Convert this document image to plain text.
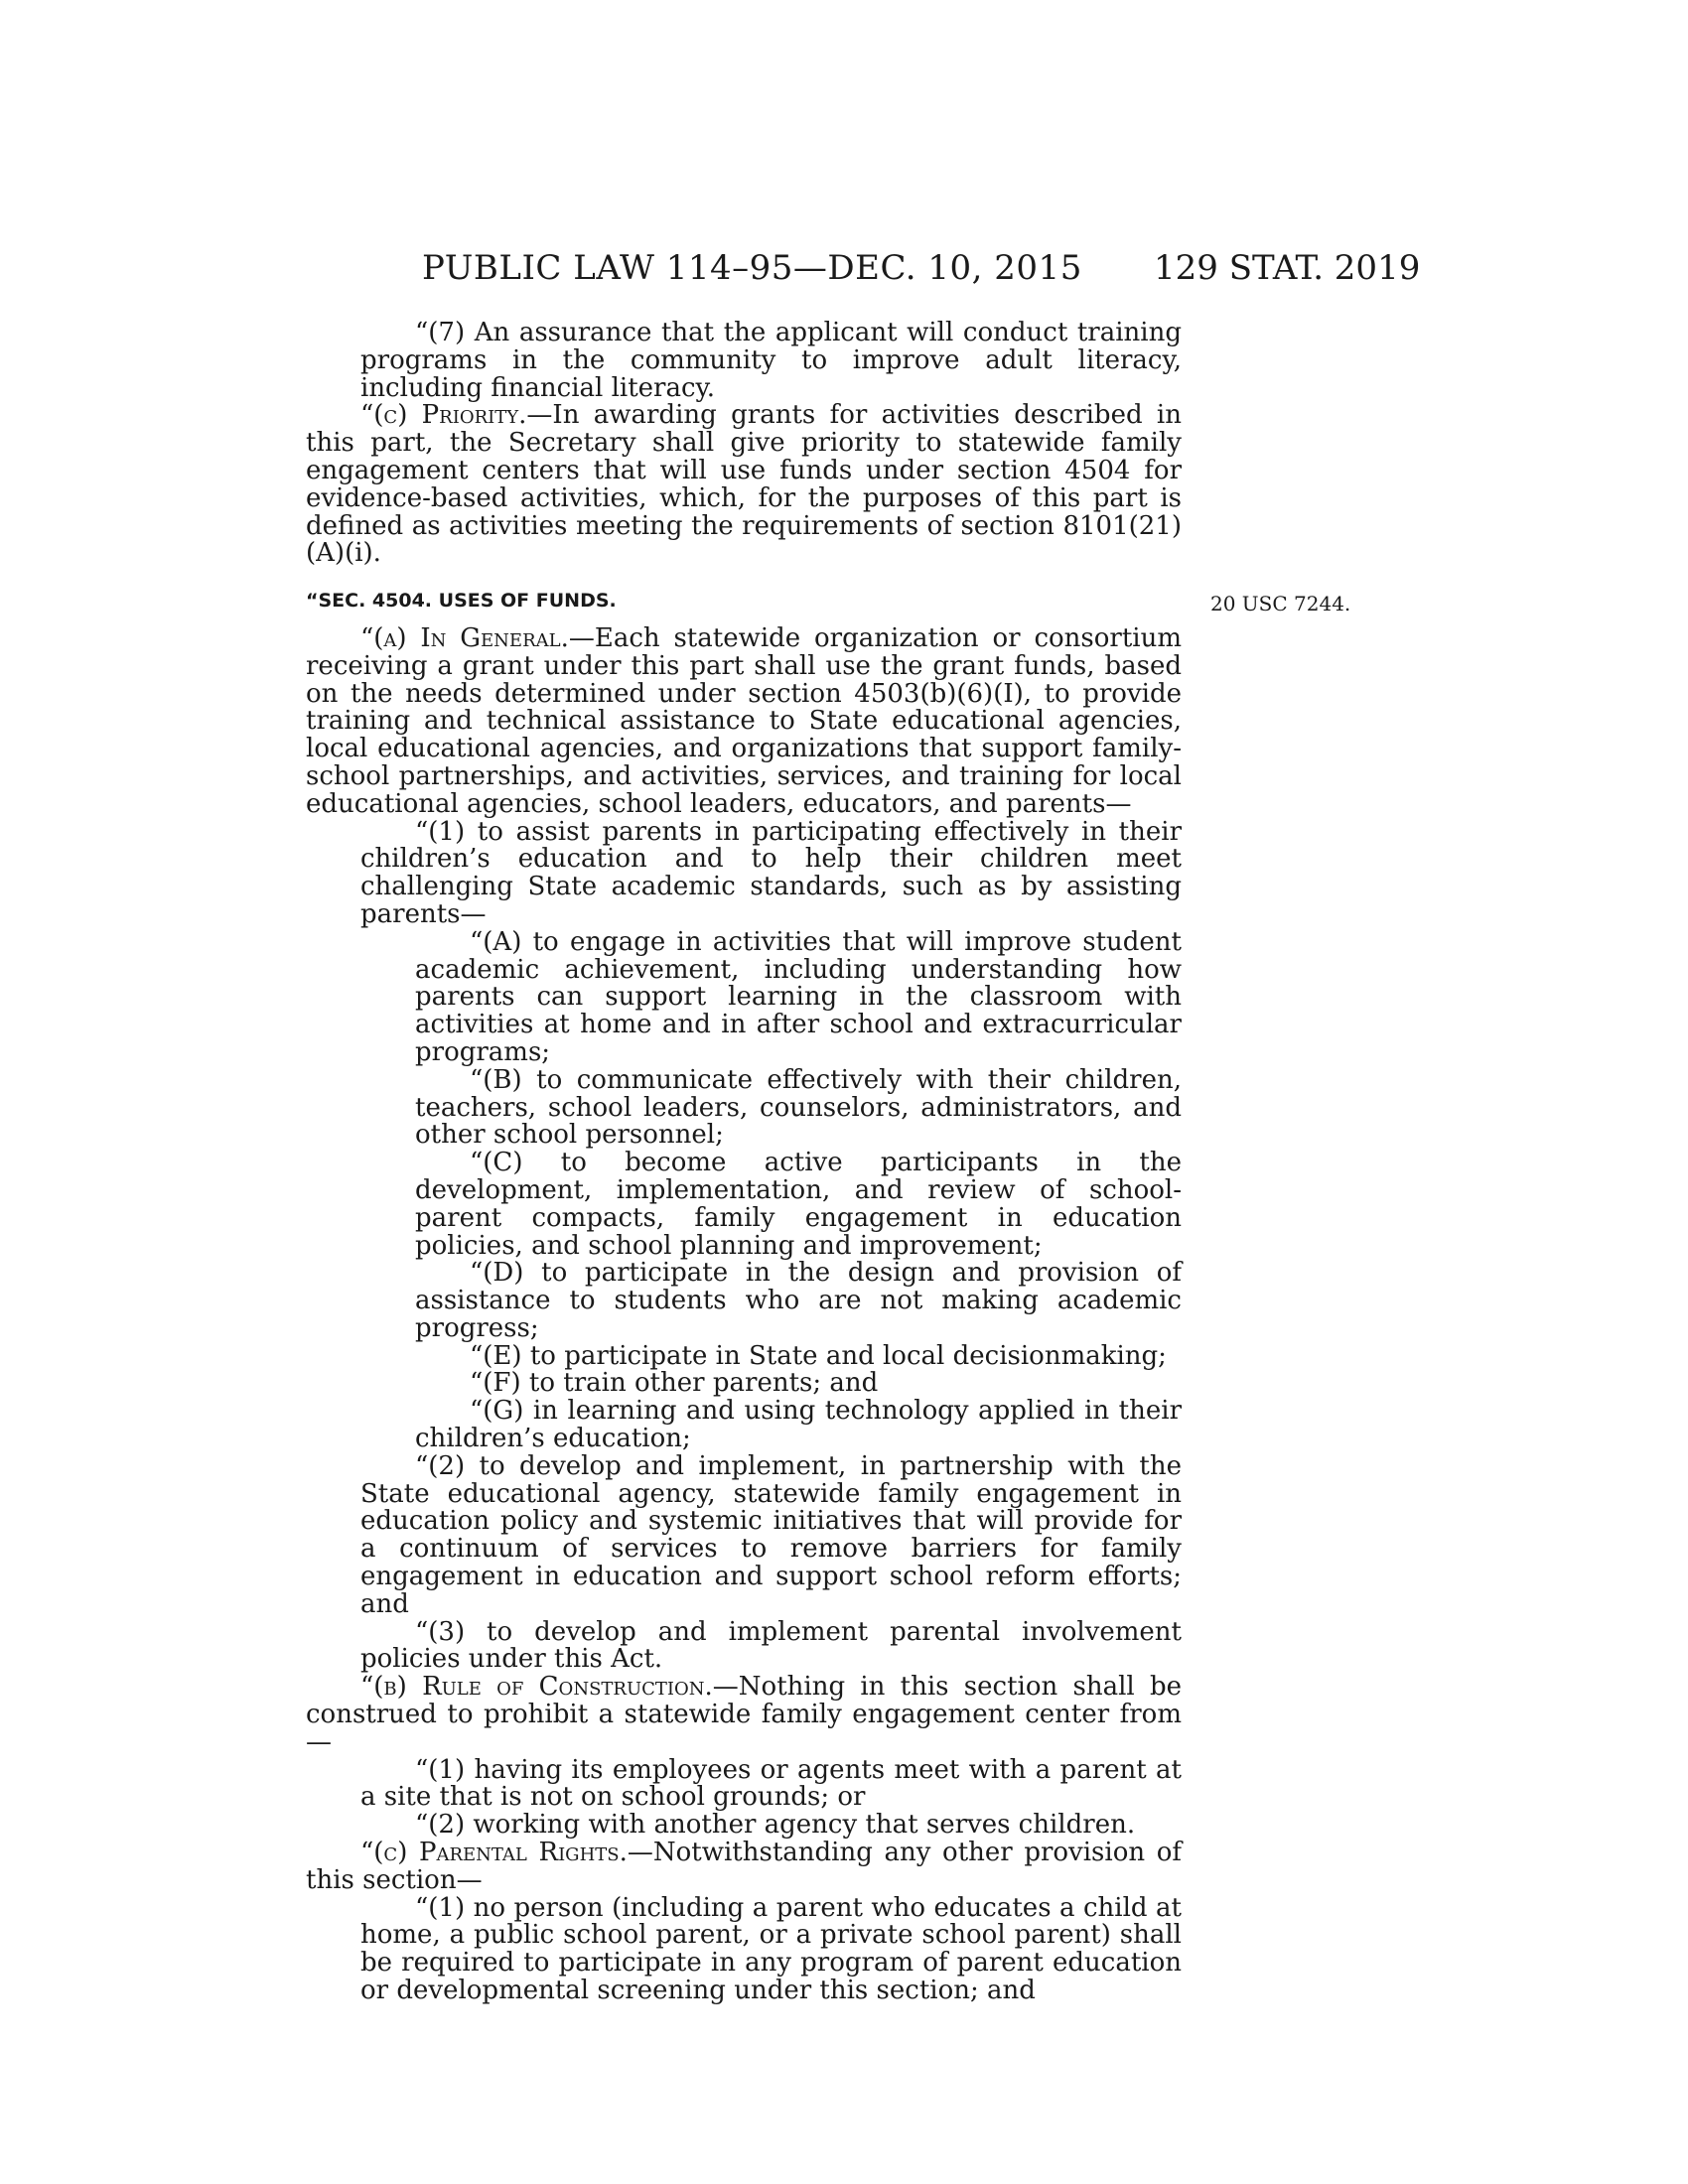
PUBLIC LAW 114–95—DEC. 10, 2015 129 STAT. 2019
20 USC 7244.

“(7) An assurance that the applicant will conduct training programs in the community to improve adult literacy, including financial literacy.

“(c) Priority.—In awarding grants for activities described in this part, the Secretary shall give priority to statewide family engagement centers that will use funds under section 4504 for evidence-based activities, which, for the purposes of this part is defined as activities meeting the requirements of section 8101(21)(A)(i).

“SEC. 4504. USES OF FUNDS.

“(a) In General.—Each statewide organization or consortium receiving a grant under this part shall use the grant funds, based on the needs determined under section 4503(b)(6)(I), to provide training and technical assistance to State educational agencies, local educational agencies, and organizations that support family-school partnerships, and activities, services, and training for local educational agencies, school leaders, educators, and parents—

“(1) to assist parents in participating effectively in their children’s education and to help their children meet challenging State academic standards, such as by assisting parents—

“(A) to engage in activities that will improve student academic achievement, including understanding how parents can support learning in the classroom with activities at home and in after school and extracurricular programs;

“(B) to communicate effectively with their children, teachers, school leaders, counselors, administrators, and other school personnel;

“(C) to become active participants in the development, implementation, and review of school-parent compacts, family engagement in education policies, and school planning and improvement;

“(D) to participate in the design and provision of assistance to students who are not making academic progress;

“(E) to participate in State and local decisionmaking;

“(F) to train other parents; and

“(G) in learning and using technology applied in their children’s education;

“(2) to develop and implement, in partnership with the State educational agency, statewide family engagement in education policy and systemic initiatives that will provide for a continuum of services to remove barriers for family engagement in education and support school reform efforts; and

“(3) to develop and implement parental involvement policies under this Act.

“(b) Rule of Construction.—Nothing in this section shall be construed to prohibit a statewide family engagement center from—

“(1) having its employees or agents meet with a parent at a site that is not on school grounds; or

“(2) working with another agency that serves children.

“(c) Parental Rights.—Notwithstanding any other provision of this section—

“(1) no person (including a parent who educates a child at home, a public school parent, or a private school parent) shall be required to participate in any program of parent education or developmental screening under this section; and
